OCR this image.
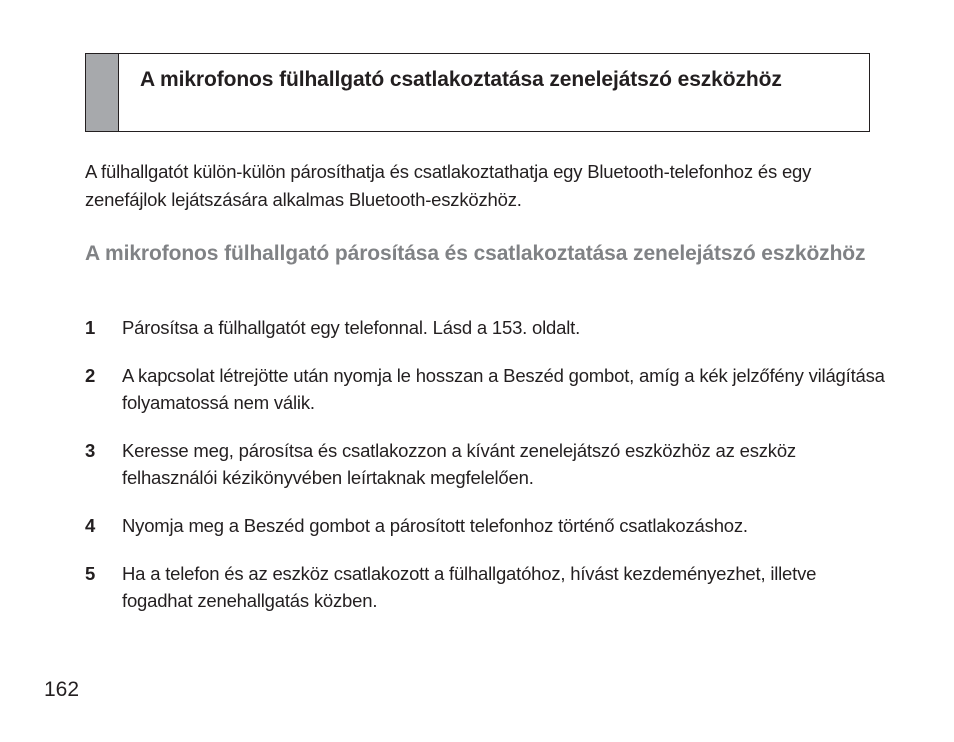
A mikrofonos fülhallgató csatlakoztatása zenelejátszó eszközhöz

A fülhallgatót külön-külön párosíthatja és csatlakoztathatja egy Bluetooth-telefonhoz és egy zenefájlok lejátszására alkalmas Bluetooth-eszközhöz.

A mikrofonos fülhallgató párosítása és csatlakoztatása zenelejátszó eszközhöz
1	Párosítsa a fülhallgatót egy telefonnal. Lásd a 153. oldalt.
2	A kapcsolat létrejötte után nyomja le hosszan a Beszéd gombot, amíg a kék jelzőfény világítása folyamatossá nem válik.
3	Keresse meg, párosítsa és csatlakozzon a kívánt zenelejátszó eszközhöz az eszköz felhasználói kézikönyvében leírtaknak megfelelően.
4	Nyomja meg a Beszéd gombot a párosított telefonhoz történő csatlakozáshoz.
5	Ha a telefon és az eszköz csatlakozott a fülhallgatóhoz, hívást kezdeményezhet, illetve fogadhat zenehallgatás közben.
162
